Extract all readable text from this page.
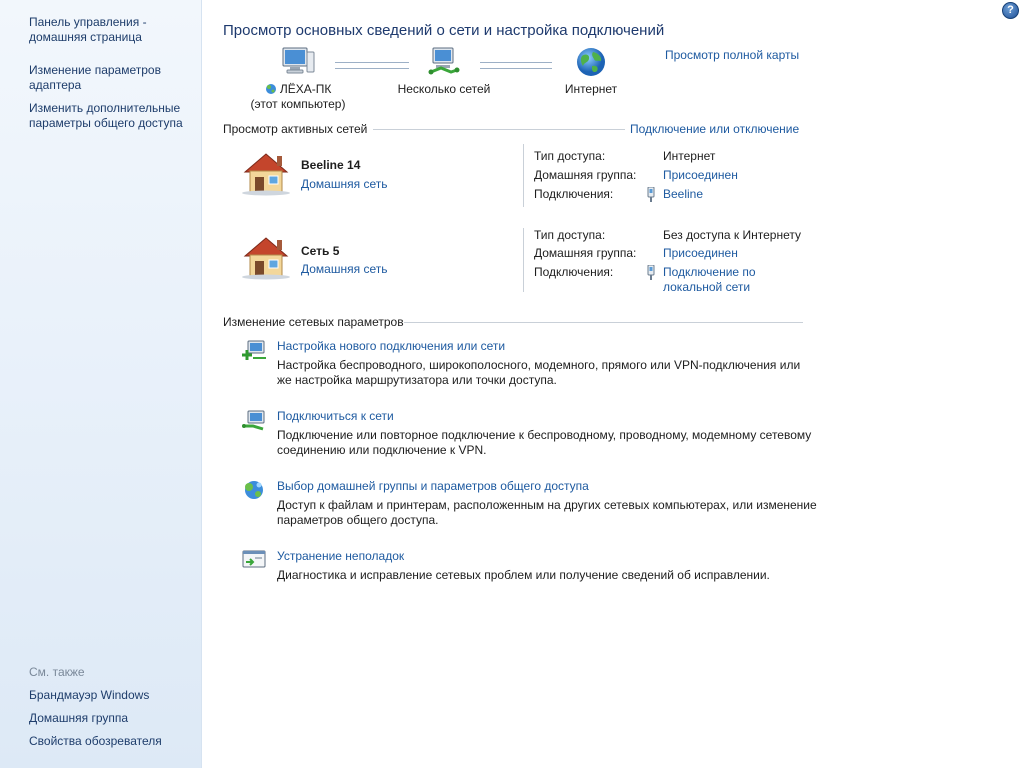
Панель управления - домашняя страница
Изменение параметров адаптера
Изменить дополнительные параметры общего доступа
См. также
Брандмауэр Windows
Домашняя группа
Свойства обозревателя
?
Просмотр основных сведений о сети и настройка подключений
Просмотр полной карты
ЛЁХА-ПК
(этот компьютер)
Несколько сетей	Интернет
Просмотр активных сетей	Подключение или отключение
Beeline 14
Домашняя сеть
Тип доступа:	Интернет
Домашняя группа: Присоединен
Подключения:	Beeline
Сеть 5
Домашняя сеть
Тип доступа:	Без доступа к Интернету
Домашняя группа: Присоединен
Подключения:	Подключение по локальной сети
Изменение сетевых параметров
Настройка нового подключения или сети
Настройка беспроводного, широкополосного, модемного, прямого или VPN-подключения или же настройка маршрутизатора или точки доступа.
Подключиться к сети
Подключение или повторное подключение к беспроводному, проводному, модемному сетевому соединению или подключение к VPN.
Выбор домашней группы и параметров общего доступа
Доступ к файлам и принтерам, расположенным на других сетевых компьютерах, или изменение параметров общего доступа.
Устранение неполадок
Диагностика и исправление сетевых проблем или получение сведений об исправлении.
